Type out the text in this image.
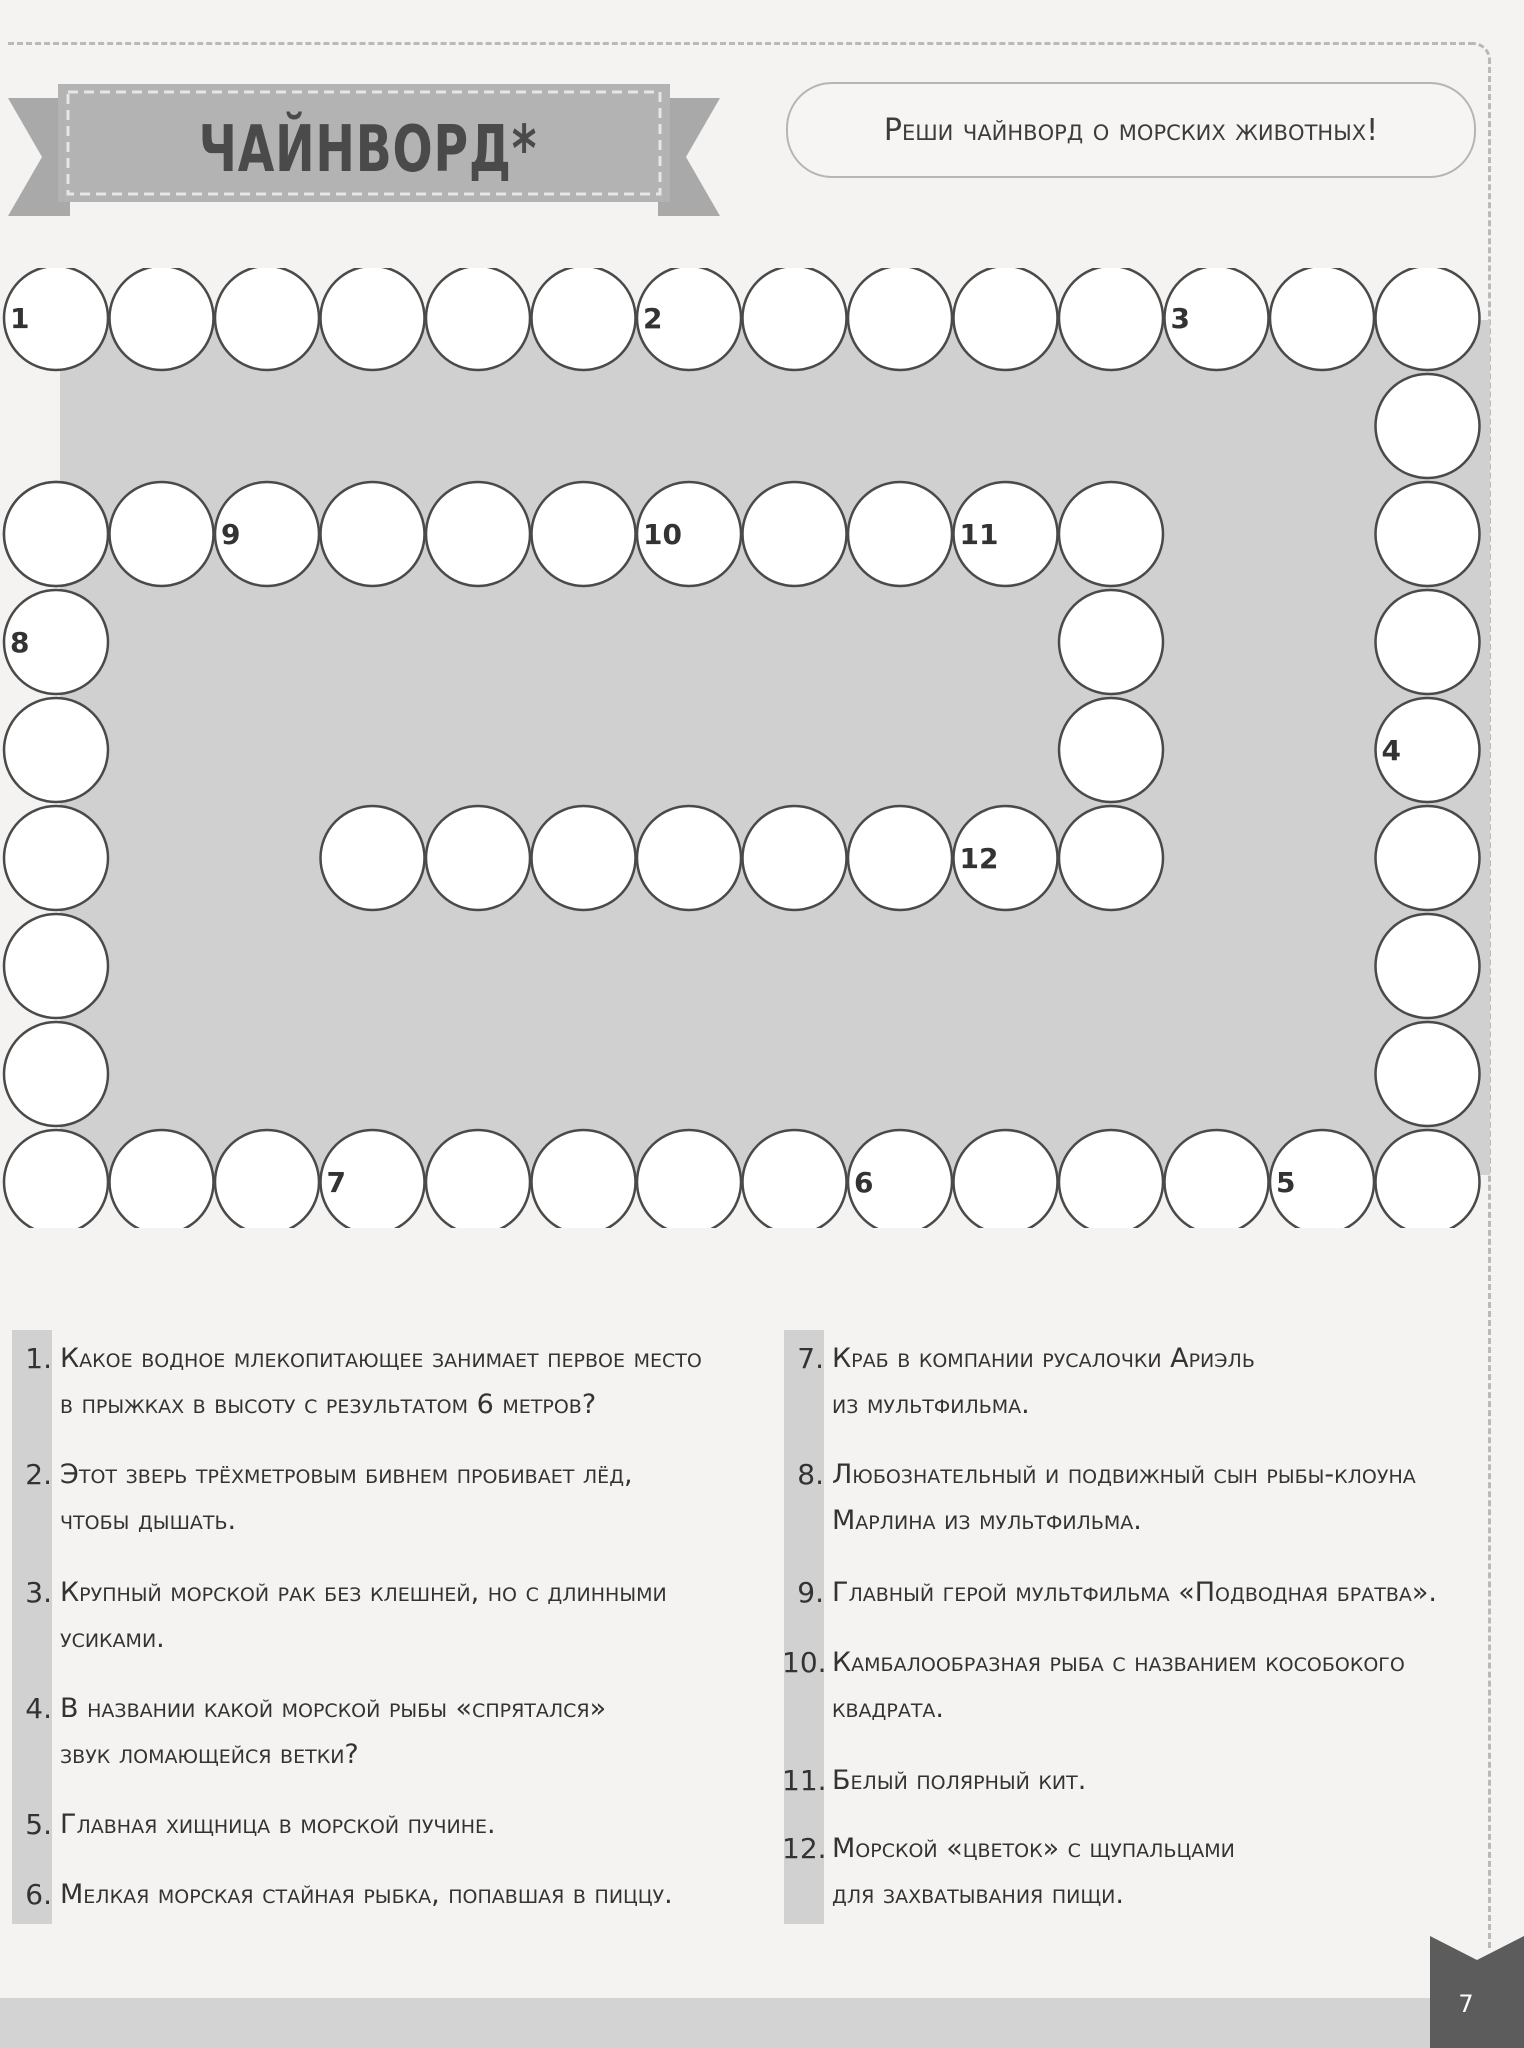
ЧАЙНВОРД*	Реши чайнворд о морских животных!
1	2	3
4
5
6
7
8
9	10	11
12
1. Какое водное млекопитающее занимает первое место
в прыжках в высоту с результатом 6 метров?
2. Этот зверь трёхметровым бивнем пробивает лёд,
чтобы дышать.
3. Крупный морской рак без клешней, но с длинными
усиками.
4. В названии какой морской рыбы «спрятался»
звук ломающейся ветки?
5. Главная хищница в морской пучине.
6. Мелкая морская стайная рыбка, попавшая в пиццу.
7. Краб в компании русалочки Ариэль
из мультфильма.
8. Любознательный и подвижный сын рыбы-клоуна
Марлина из мультфильма.
9. Главный герой мультфильма «Подводная братва».
10. Камбалообразная рыба с названием кособокого
квадрата.
11. Белый полярный кит.
12. Морской «цветок» с щупальцами
для захватывания пищи.
7
